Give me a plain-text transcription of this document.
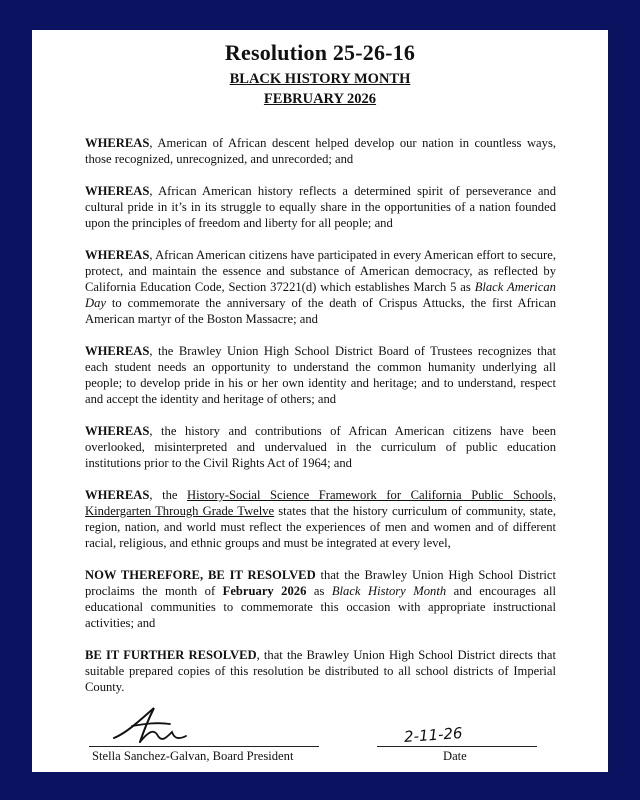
Resolution 25-26-16
BLACK HISTORY MONTH
FEBRUARY 2026

WHEREAS, American of African descent helped develop our nation in countless ways, those recognized, unrecognized, and unrecorded; and

WHEREAS, African American history reflects a determined spirit of perseverance and cultural pride in it’s in its struggle to equally share in the opportunities of a nation founded upon the principles of freedom and liberty for all people; and

WHEREAS, African American citizens have participated in every American effort to secure, protect, and maintain the essence and substance of American democracy, as reflected by California Education Code, Section 37221(d) which establishes March 5 as Black American Day to commemorate the anniversary of the death of Crispus Attucks, the first African American martyr of the Boston Massacre; and

WHEREAS, the Brawley Union High School District Board of Trustees recognizes that each student needs an opportunity to understand the common humanity underlying all people; to develop pride in his or her own identity and heritage; and to understand, respect and accept the identity and heritage of others; and

WHEREAS, the history and contributions of African American citizens have been overlooked, misinterpreted and undervalued in the curriculum of public education institutions prior to the Civil Rights Act of 1964; and

WHEREAS, the History-Social Science Framework for California Public Schools, Kindergarten Through Grade Twelve states that the history curriculum of community, state, region, nation, and world must reflect the experiences of men and women and of different racial, religious, and ethnic groups and must be integrated at every level,

NOW THEREFORE, BE IT RESOLVED that the Brawley Union High School District proclaims the month of February 2026 as Black History Month and encourages all educational communities to commemorate this occasion with appropriate instructional activities; and

BE IT FURTHER RESOLVED, that the Brawley Union High School District directs that suitable prepared copies of this resolution be distributed to all school districts of Imperial County.

Stella Sanchez-Galvan, Board President
2-11-26
Date
